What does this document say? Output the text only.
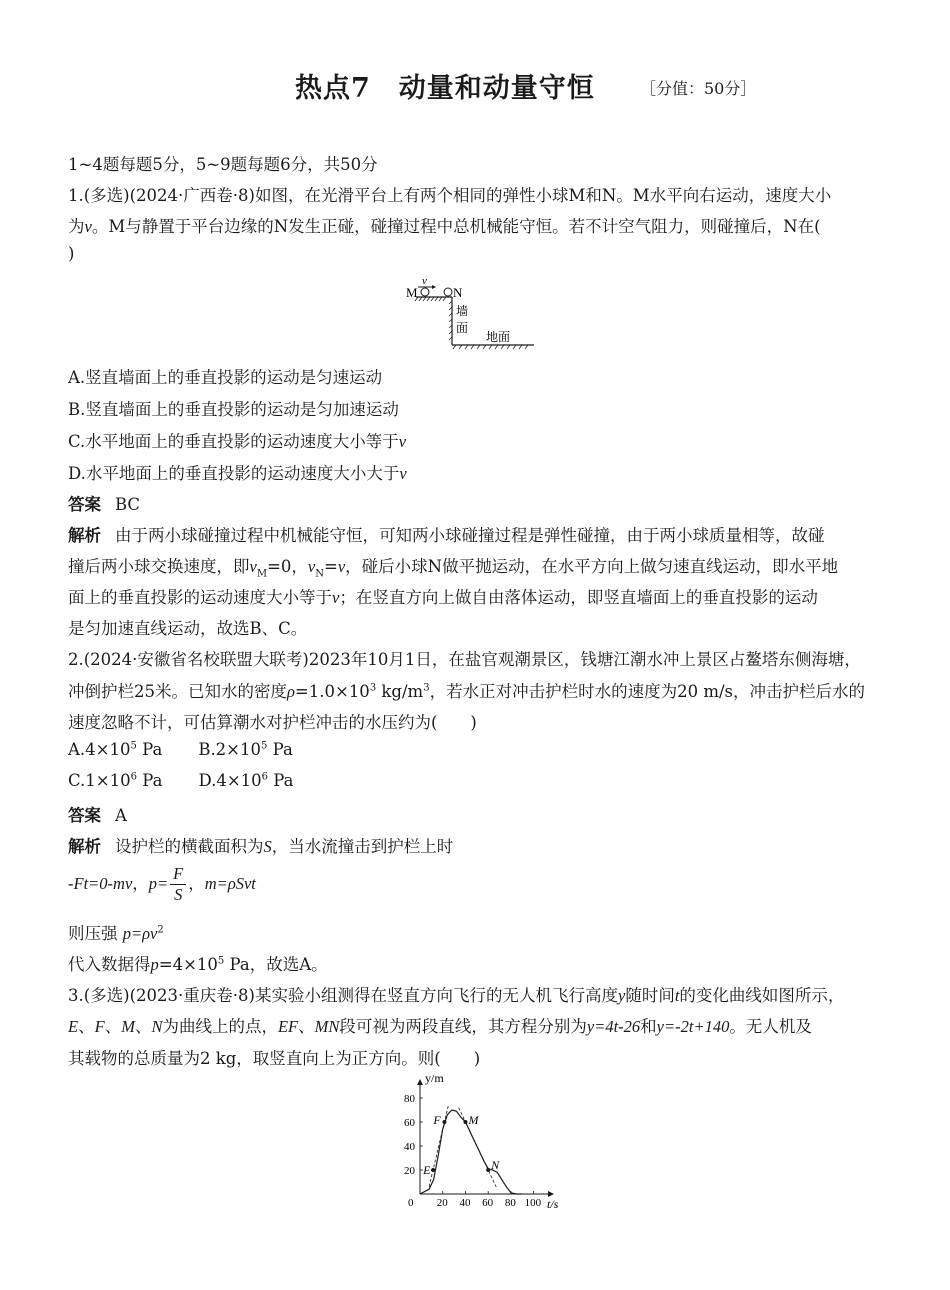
热点7　动量和动量守恒	［分值：50分］
1~4题每题5分，5~9题每题6分，共50分
1.(多选)(2024·广西卷·8)如图，在光滑平台上有两个相同的弹性小球M和N。M水平向右运动，速度大小
为v。M与静置于平台边缘的N发生正碰，碰撞过程中总机械能守恒。若不计空气阻力，则碰撞后，N在(
)
v
M	N
墙
面
地面
A.竖直墙面上的垂直投影的运动是匀速运动
B.竖直墙面上的垂直投影的运动是匀加速运动
C.水平地面上的垂直投影的运动速度大小等于v
D.水平地面上的垂直投影的运动速度大小大于v
答案 BC
解析 由于两小球碰撞过程中机械能守恒，可知两小球碰撞过程是弹性碰撞，由于两小球质量相等，故碰
撞后两小球交换速度，即$v_M=0$，$v_N=v$，碰后小球N做平抛运动，在水平方向上做匀速直线运动，即水平地
面上的垂直投影的运动速度大小等于v；在竖直方向上做自由落体运动，即竖直墙面上的垂直投影的运动
是匀加速直线运动，故选B、C。
2.(2024·安徽省名校联盟大联考)2023年10月1日，在盐官观潮景区，钱塘江潮水冲上景区占鳌塔东侧海塘，
冲倒护栏25米。已知水的密度$\rho=1.0\times 10^3$ $kg/m^3$，若水正对冲击护栏时水的速度为20 m/s，冲击护栏后水的
速度忽略不计，可估算潮水对护栏冲击的水压约为(　　)
$A.4\times 10^5$ Pa $B.2\times 10^5$ Pa
$C.1\times 10^6$ Pa $D.4\times 10^6$ Pa
答案 A
解析 设护栏的横截面积为S，当水流撞击到护栏上时
-Ft=0-mv，$p= \frac{F}{S}$ ，m=ρSvt
则压强 $p=\rho v^2$
代入数据得$p=4\times 10^5$ Pa，故选A。
3.(多选)(2023·重庆卷·8)某实验小组测得在竖直方向飞行的无人机飞行高度y随时间t的变化曲线如图所示，
E、F、M、N为曲线上的点，EF、MN段可视为两段直线，其方程分别为y=4t-26和y=-2t+140。无人机及
其载物的总质量为2 kg，取竖直向上为正方向。则(　　)
y/m
t/s
0 20 40 60 80 100
20
40
60
80
E
F M
N
